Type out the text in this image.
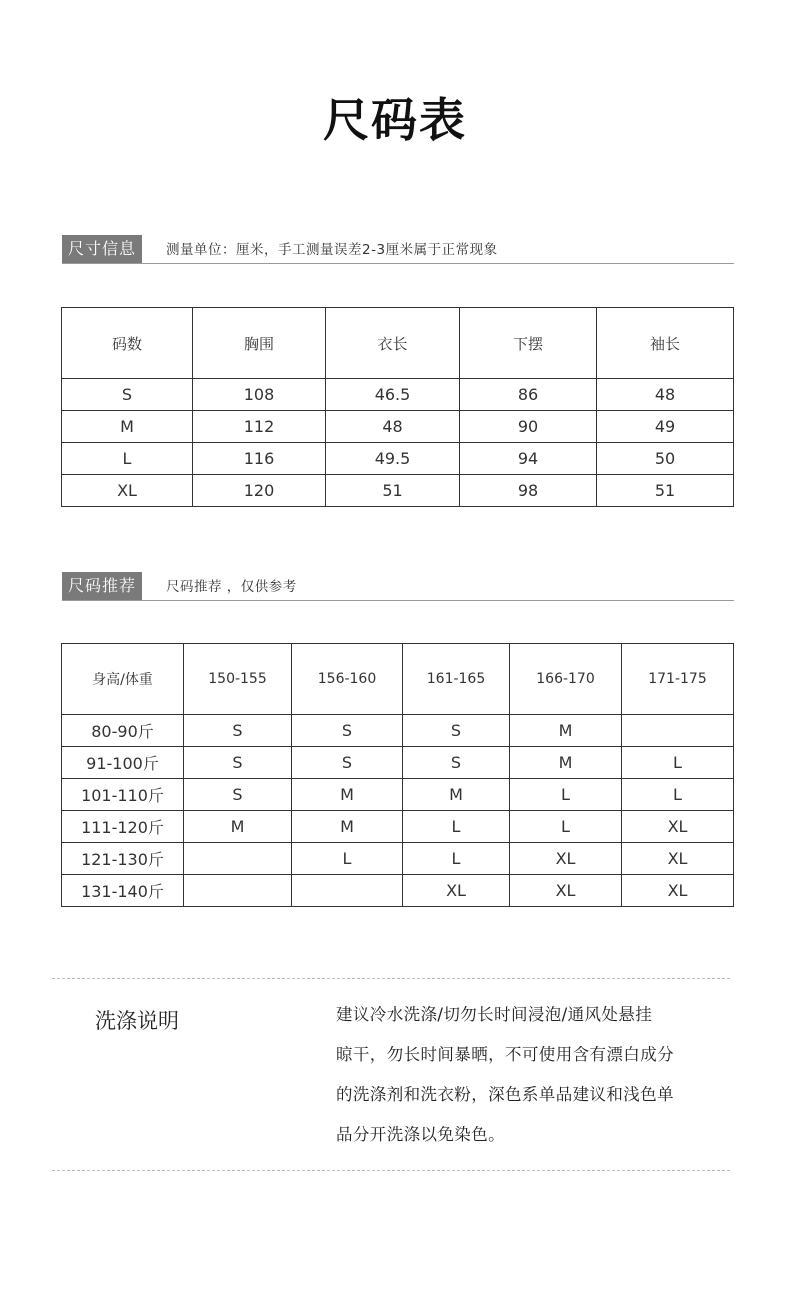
尺码表
尺寸信息	测量单位：厘米，手工测量误差2-3厘米属于正常现象
码数	胸围	衣长	下摆	袖长
S	108	46.5	86	48
M	112	48	90	49
L	116	49.5	94	50
XL	120	51	98	51
尺码推荐	尺码推荐 ，仅供参考
身高/体重	150-155	156-160	161-165	166-170	171-175
80-90斤	S	S	S	M	
91-100斤	S	S	S	M	L
101-110斤	S	M	M	L	L
111-120斤	M	M	L	L	XL
121-130斤		L	L	XL	XL
131-140斤			XL	XL	XL
洗涤说明	建议冷水洗涤/切勿长时间浸泡/通风处悬挂
晾干，勿长时间暴晒，不可使用含有漂白成分
的洗涤剂和洗衣粉，深色系单品建议和浅色单
品分开洗涤以免染色。
